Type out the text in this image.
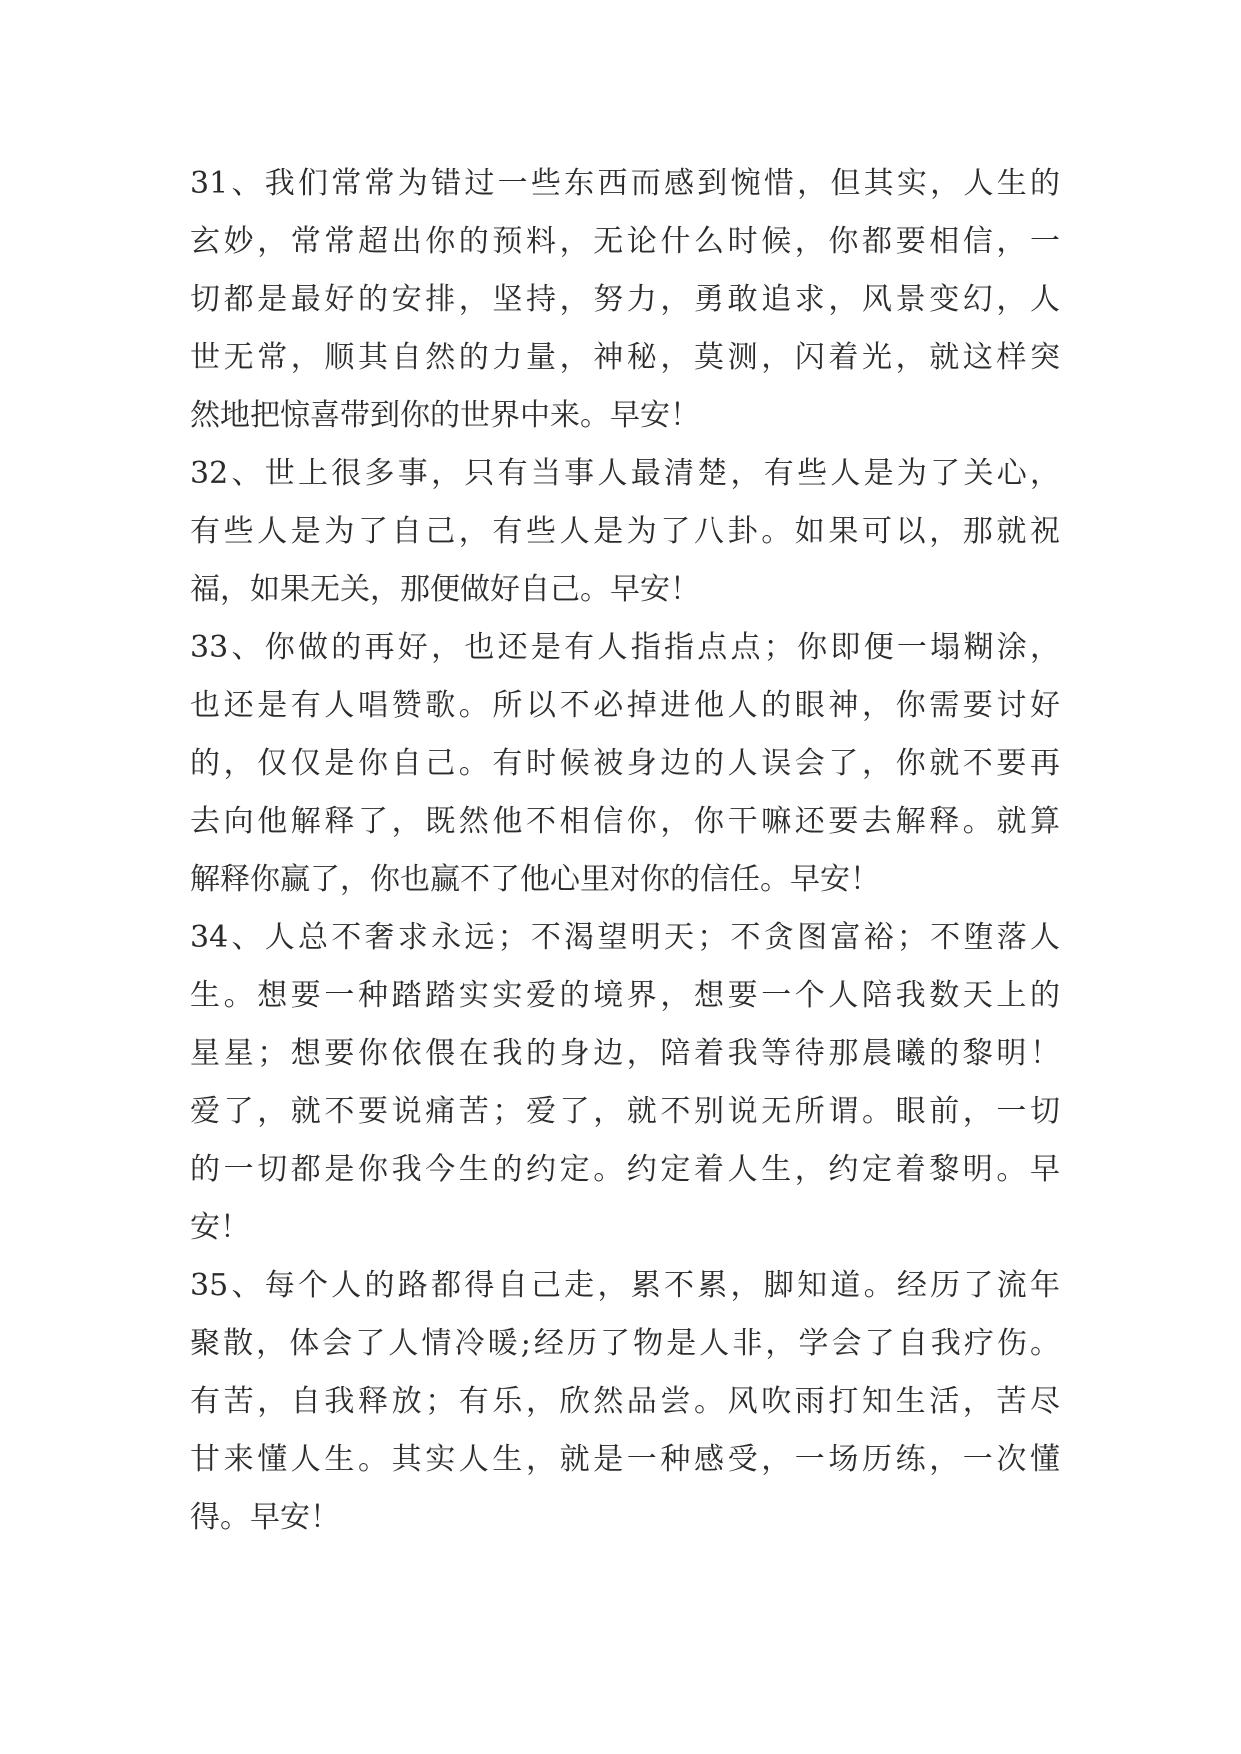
31、我们常常为错过一些东西而感到惋惜，但其实，人生的
玄妙，常常超出你的预料，无论什么时候，你都要相信，一
切都是最好的安排，坚持，努力，勇敢追求，风景变幻，人
世无常，顺其自然的力量，神秘，莫测，闪着光，就这样突
然地把惊喜带到你的世界中来。早安！
32、世上很多事，只有当事人最清楚，有些人是为了关心，
有些人是为了自己，有些人是为了八卦。如果可以，那就祝
福，如果无关，那便做好自己。早安！
33、你做的再好，也还是有人指指点点；你即便一塌糊涂，
也还是有人唱赞歌。所以不必掉进他人的眼神，你需要讨好
的，仅仅是你自己。有时候被身边的人误会了，你就不要再
去向他解释了，既然他不相信你，你干嘛还要去解释。就算
解释你赢了，你也赢不了他心里对你的信任。早安！
34、人总不奢求永远；不渴望明天；不贪图富裕；不堕落人
生。想要一种踏踏实实爱的境界，想要一个人陪我数天上的
星星；想要你依偎在我的身边，陪着我等待那晨曦的黎明！
爱了，就不要说痛苦；爱了，就不别说无所谓。眼前，一切
的一切都是你我今生的约定。约定着人生，约定着黎明。早
安！
35、每个人的路都得自己走，累不累，脚知道。经历了流年
聚散，体会了人情冷暖;经历了物是人非，学会了自我疗伤。
有苦，自我释放；有乐，欣然品尝。风吹雨打知生活，苦尽
甘来懂人生。其实人生，就是一种感受，一场历练，一次懂
得。早安！
